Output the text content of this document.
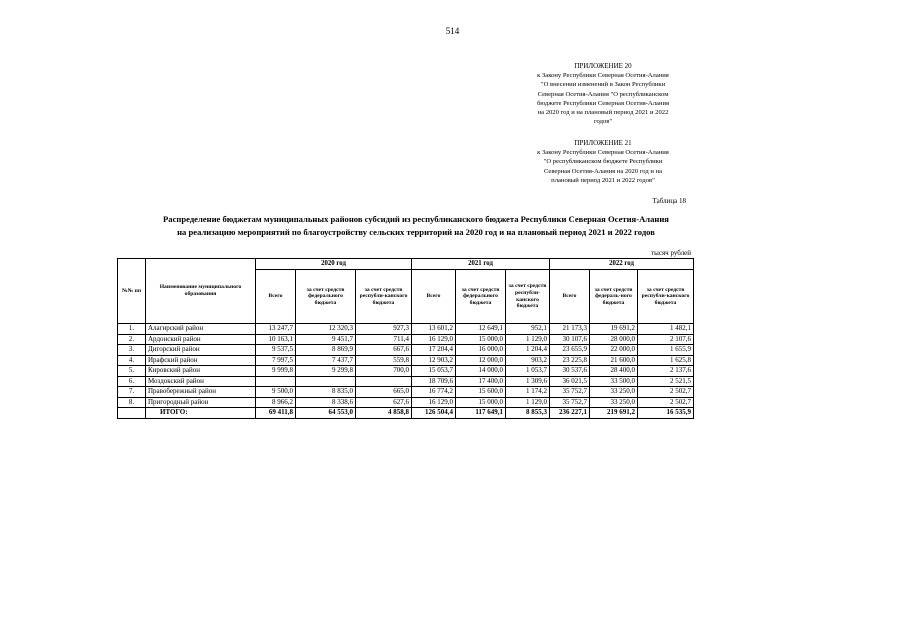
514
ПРИЛОЖЕНИЕ 20
к Закону Республики Северная Осетия-Алания
"О внесении изменений в Закон Республики
Северная Осетия-Алания "О республиканском
бюджете Республики Северная Осетия-Алания
на 2020 год и на плановый период 2021 и 2022
годов"
ПРИЛОЖЕНИЕ 21
к Закону Республики Северная Осетия-Алания
"О республиканском бюджете Республики
Северная Осетия-Алания на 2020 год и на
плановый период 2021 и 2022 годов"
Таблица 18
Распределение бюджетам муниципальных районов субсидий из республиканского бюджета Республики Северная Осетия-Алания
на реализацию мероприятий по благоустройству сельских территорий на 2020 год и на плановый период 2021 и 2022 годов
тысяч рублей
№№ пп	Наименование муниципального образования	2020 год			2021 год			2022 год		
		Всего	за счет средств федерального бюджета	за счет средств республи-канского бюджета	Всего	за счет средств федерального бюджета	за счет средств республи-канского бюджета	Всего	за счет средств федераль-ного бюджета	за счет средств республи-канского бюджета
1.	Алагирский район	13 247,7	12 320,3	927,3	13 601,2	12 649,1	952,1	21 173,3	19 691,2	1 482,1
2.	Ардонский район	10 163,1	9 451,7	711,4	16 129,0	15 000,0	1 129,0	30 107,6	28 000,0	2 107,6
3.	Дигорский район	9 537,5	8 869,9	667,6	17 204,4	16 000,0	1 204,4	23 655,9	22 000,0	1 655,9
4.	Ирафский район	7 997,5	7 437,7	559,8	12 903,2	12 000,0	903,2	23 225,8	21 600,0	1 625,8
5.	Кировский район	9 999,8	9 299,8	700,0	15 053,7	14 000,0	1 053,7	30 537,6	28 400,0	2 137,6
6.	Моздокский район				18 709,6	17 400,0	1 309,6	36 021,5	33 500,0	2 521,5
7.	Правобережный район	9 500,0	8 835,0	665,0	16 774,2	15 600,0	1 174,2	35 752,7	33 250,0	2 502,7
8.	Пригородный район	8 966,2	8 338,6	627,6	16 129,0	15 000,0	1 129,0	35 752,7	33 250,0	2 502,7
	ИТОГО:	69 411,8	64 553,0	4 858,8	126 504,4	117 649,1	8 855,3	236 227,1	219 691,2	16 535,9
